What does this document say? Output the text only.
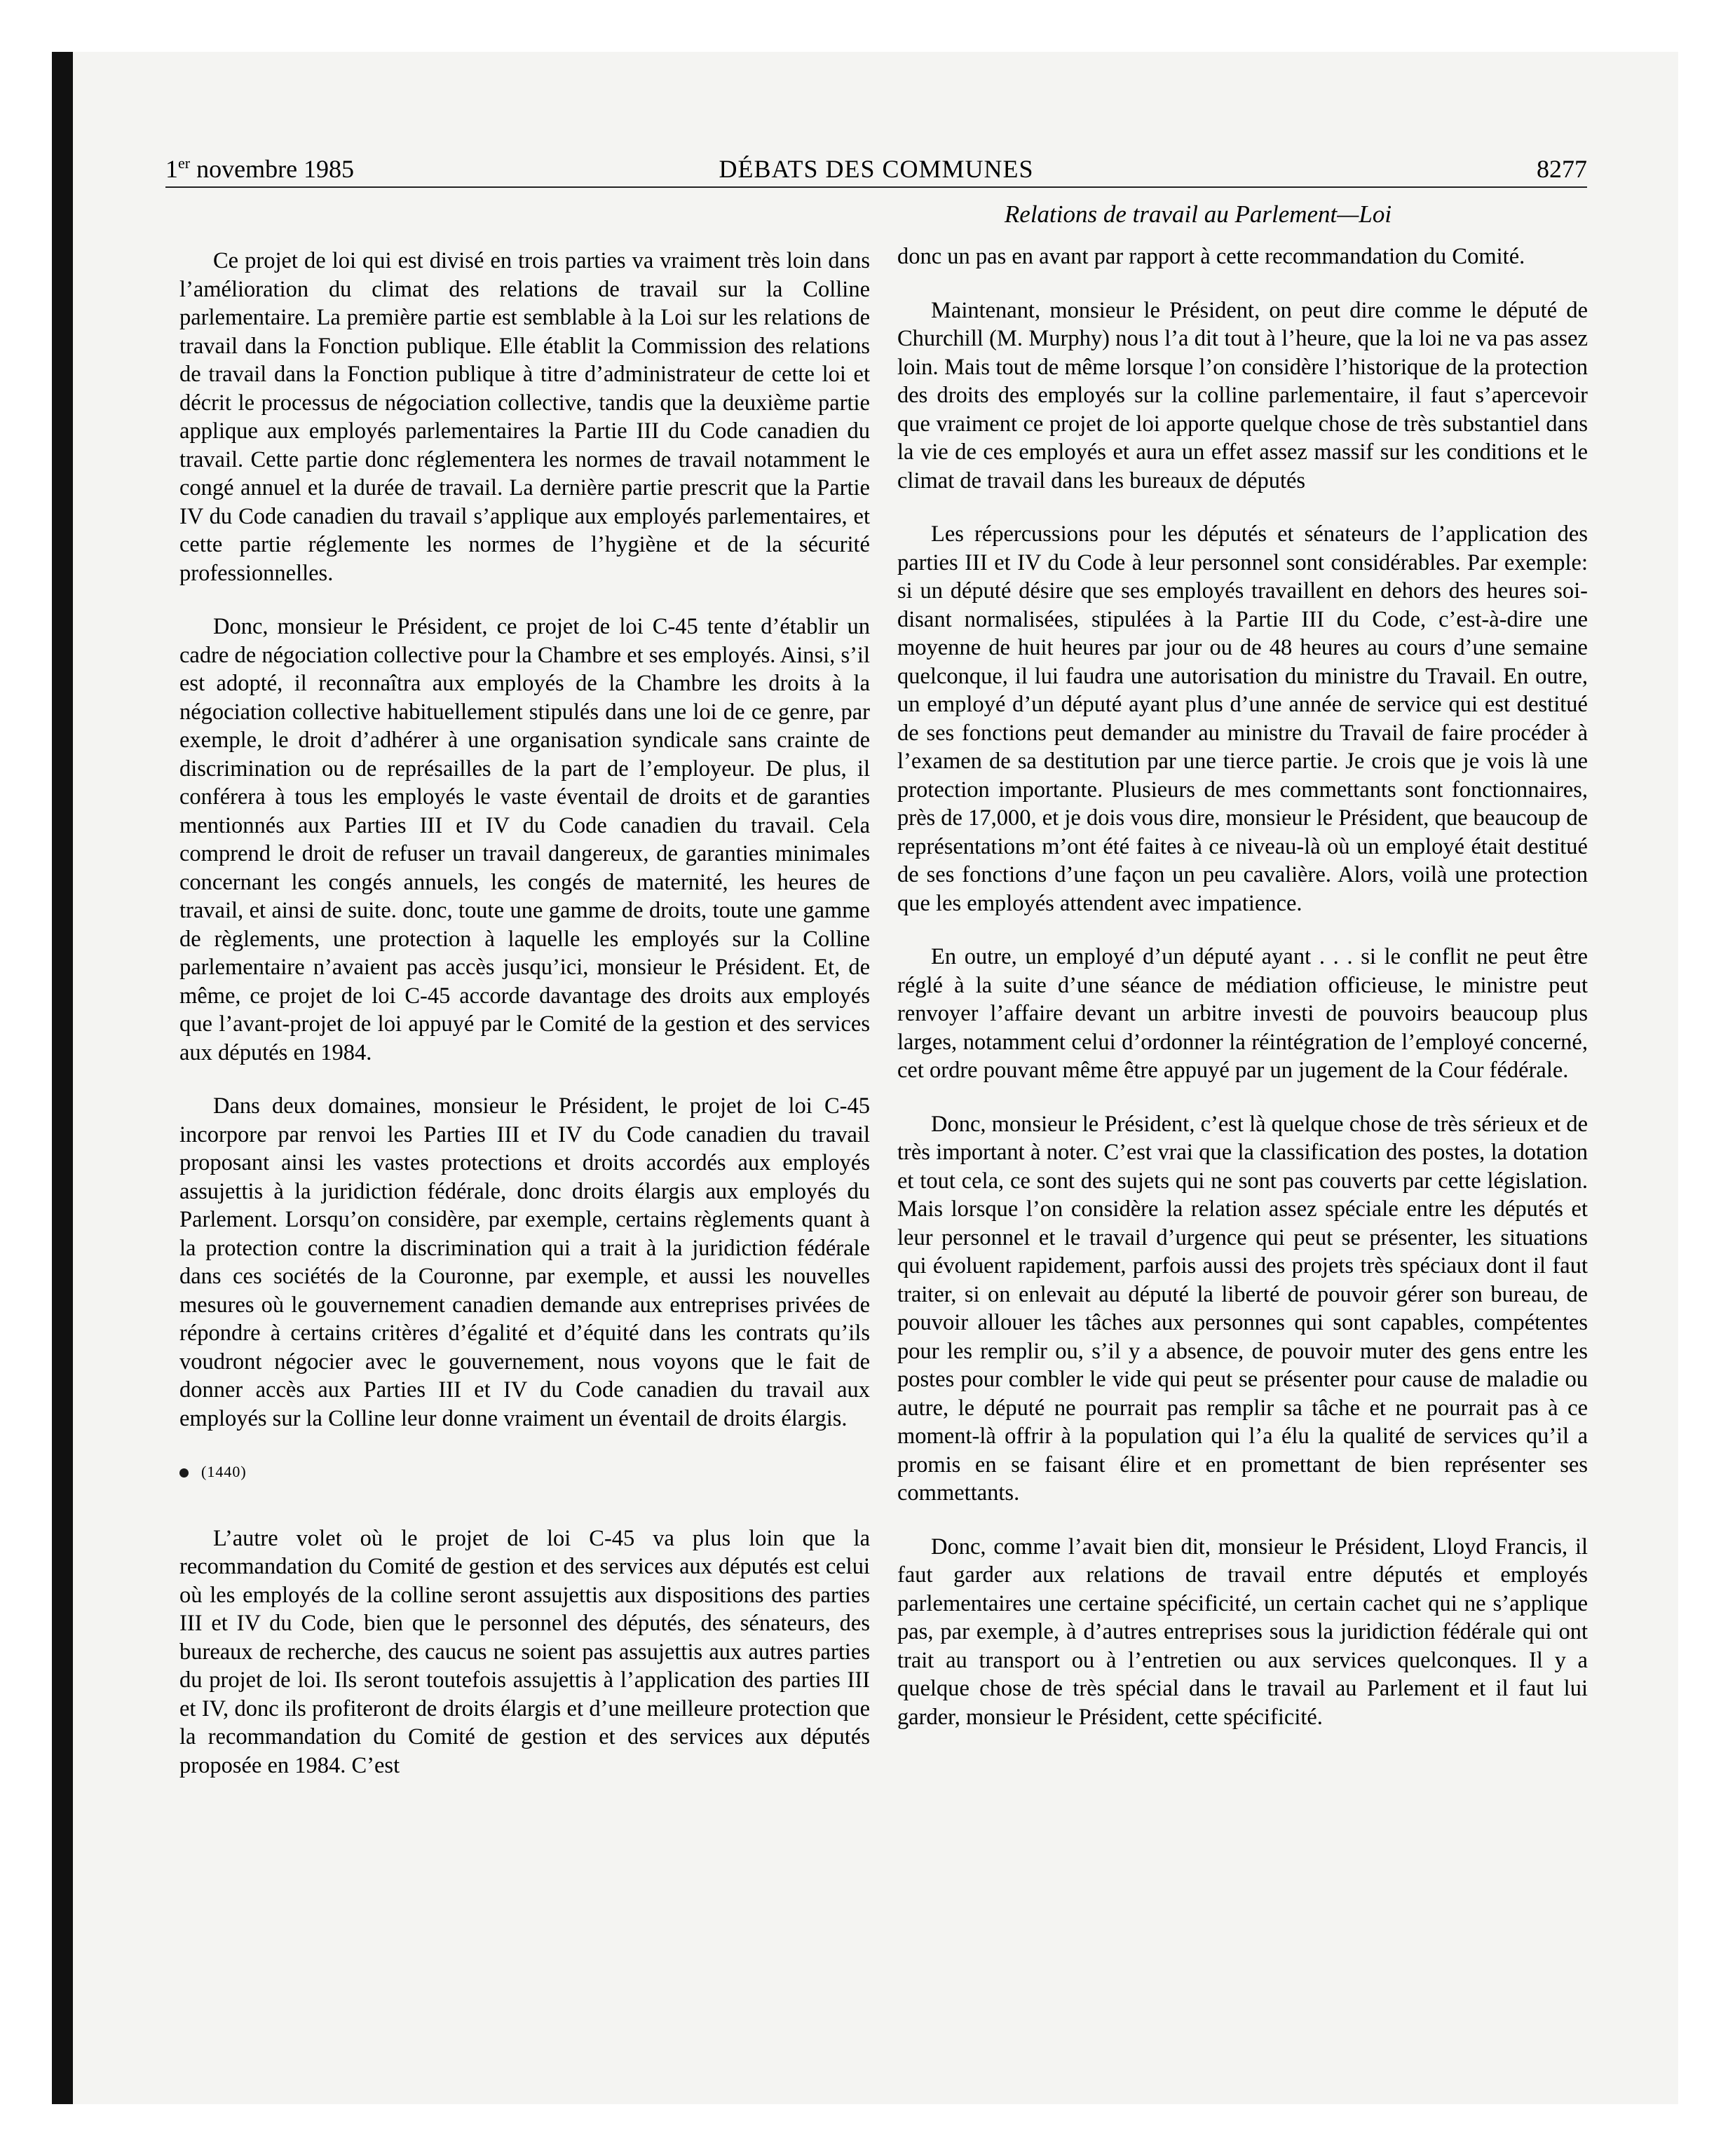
1er novembre 1985	DÉBATS DES COMMUNES	8277
Relations de travail au Parlement—Loi

Ce projet de loi qui est divisé en trois parties va vraiment très loin dans l’amélioration du climat des relations de travail sur la Colline parlementaire. La première partie est semblable à la Loi sur les relations de travail dans la Fonction publique. Elle établit la Commission des relations de travail dans la Fonction publique à titre d’administrateur de cette loi et décrit le processus de négociation collective, tandis que la deuxième partie applique aux employés parlementaires la Partie III du Code canadien du travail. Cette partie donc réglementera les normes de travail notamment le congé annuel et la durée de travail. La dernière partie prescrit que la Partie IV du Code canadien du travail s’applique aux employés parlementaires, et cette partie réglemente les normes de l’hygiène et de la sécurité professionnelles.

Donc, monsieur le Président, ce projet de loi C-45 tente d’établir un cadre de négociation collective pour la Chambre et ses employés. Ainsi, s’il est adopté, il reconnaîtra aux employés de la Chambre les droits à la négociation collective habituellement stipulés dans une loi de ce genre, par exemple, le droit d’adhérer à une organisation syndicale sans crainte de discrimination ou de représailles de la part de l’employeur. De plus, il conférera à tous les employés le vaste éventail de droits et de garanties mentionnés aux Parties III et IV du Code canadien du travail. Cela comprend le droit de refuser un travail dangereux, de garanties minimales concernant les congés annuels, les congés de maternité, les heures de travail, et ainsi de suite. donc, toute une gamme de droits, toute une gamme de règlements, une protection à laquelle les employés sur la Colline parlementaire n’avaient pas accès jusqu’ici, monsieur le Président. Et, de même, ce projet de loi C-45 accorde davantage des droits aux employés que l’avant-projet de loi appuyé par le Comité de la gestion et des services aux députés en 1984.

Dans deux domaines, monsieur le Président, le projet de loi C-45 incorpore par renvoi les Parties III et IV du Code canadien du travail proposant ainsi les vastes protections et droits accordés aux employés assujettis à la juridiction fédérale, donc droits élargis aux employés du Parlement. Lorsqu’on considère, par exemple, certains règlements quant à la protection contre la discrimination qui a trait à la juridiction fédérale dans ces sociétés de la Couronne, par exemple, et aussi les nouvelles mesures où le gouvernement canadien demande aux entreprises privées de répondre à certains critères d’égalité et d’équité dans les contrats qu’ils voudront négocier avec le gouvernement, nous voyons que le fait de donner accès aux Parties III et IV du Code canadien du travail aux employés sur la Colline leur donne vraiment un éventail de droits élargis.

(1440)

L’autre volet où le projet de loi C-45 va plus loin que la recommandation du Comité de gestion et des services aux députés est celui où les employés de la colline seront assujettis aux dispositions des parties III et IV du Code, bien que le personnel des députés, des sénateurs, des bureaux de recherche, des caucus ne soient pas assujettis aux autres parties du projet de loi. Ils seront toutefois assujettis à l’application des parties III et IV, donc ils profiteront de droits élargis et d’une meilleure protection que la recommandation du Comité de gestion et des services aux députés proposée en 1984. C’est

donc un pas en avant par rapport à cette recommandation du Comité.

Maintenant, monsieur le Président, on peut dire comme le député de Churchill (M. Murphy) nous l’a dit tout à l’heure, que la loi ne va pas assez loin. Mais tout de même lorsque l’on considère l’historique de la protection des droits des employés sur la colline parlementaire, il faut s’apercevoir que vraiment ce projet de loi apporte quelque chose de très substantiel dans la vie de ces employés et aura un effet assez massif sur les conditions et le climat de travail dans les bureaux de députés

Les répercussions pour les députés et sénateurs de l’application des parties III et IV du Code à leur personnel sont considérables. Par exemple: si un député désire que ses employés travaillent en dehors des heures soi-disant normalisées, stipulées à la Partie III du Code, c’est-à-dire une moyenne de huit heures par jour ou de 48 heures au cours d’une semaine quelconque, il lui faudra une autorisation du ministre du Travail. En outre, un employé d’un député ayant plus d’une année de service qui est destitué de ses fonctions peut demander au ministre du Travail de faire procéder à l’examen de sa destitution par une tierce partie. Je crois que je vois là une protection importante. Plusieurs de mes commettants sont fonctionnaires, près de 17,000, et je dois vous dire, monsieur le Président, que beaucoup de représentations m’ont été faites à ce niveau-là où un employé était destitué de ses fonctions d’une façon un peu cavalière. Alors, voilà une protection que les employés attendent avec impatience.

En outre, un employé d’un député ayant . . . si le conflit ne peut être réglé à la suite d’une séance de médiation officieuse, le ministre peut renvoyer l’affaire devant un arbitre investi de pouvoirs beaucoup plus larges, notamment celui d’ordonner la réintégration de l’employé concerné, cet ordre pouvant même être appuyé par un jugement de la Cour fédérale.

Donc, monsieur le Président, c’est là quelque chose de très sérieux et de très important à noter. C’est vrai que la classification des postes, la dotation et tout cela, ce sont des sujets qui ne sont pas couverts par cette législation. Mais lorsque l’on considère la relation assez spéciale entre les députés et leur personnel et le travail d’urgence qui peut se présenter, les situations qui évoluent rapidement, parfois aussi des projets très spéciaux dont il faut traiter, si on enlevait au député la liberté de pouvoir gérer son bureau, de pouvoir allouer les tâches aux personnes qui sont capables, compétentes pour les remplir ou, s’il y a absence, de pouvoir muter des gens entre les postes pour combler le vide qui peut se présenter pour cause de maladie ou autre, le député ne pourrait pas remplir sa tâche et ne pourrait pas à ce moment-là offrir à la population qui l’a élu la qualité de services qu’il a promis en se faisant élire et en promettant de bien représenter ses commettants.

Donc, comme l’avait bien dit, monsieur le Président, Lloyd Francis, il faut garder aux relations de travail entre députés et employés parlementaires une certaine spécificité, un certain cachet qui ne s’applique pas, par exemple, à d’autres entreprises sous la juridiction fédérale qui ont trait au transport ou à l’entretien ou aux services quelconques. Il y a quelque chose de très spécial dans le travail au Parlement et il faut lui garder, monsieur le Président, cette spécificité.
